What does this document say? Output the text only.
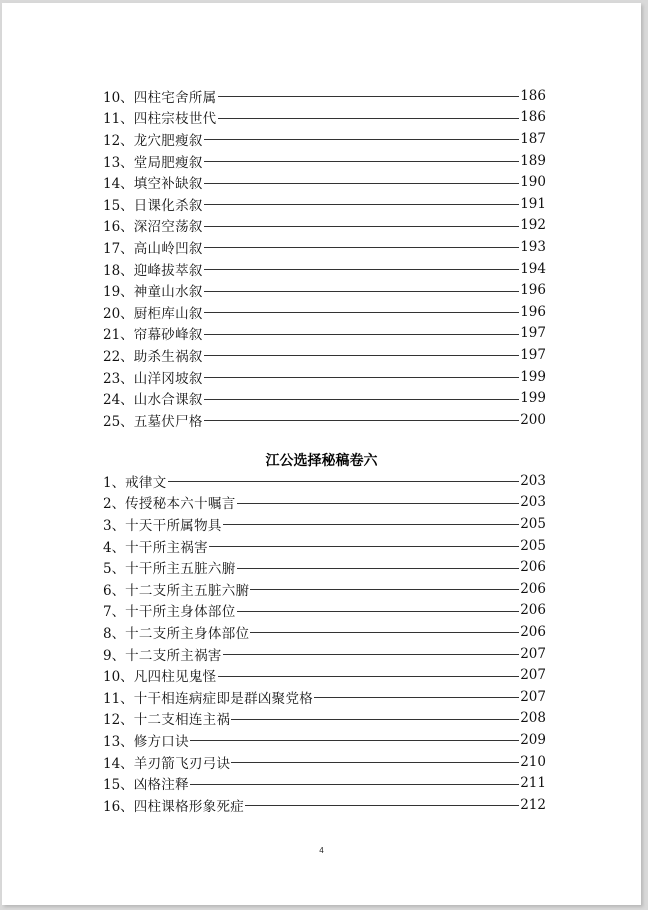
10、 四柱宅舍所属	186
11、 四柱宗枝世代	186
12、 龙穴肥瘦叙	187
13、 堂局肥瘦叙	189
14、 填空补缺叙	190
15、 日课化杀叙	191
16、 深沼空荡叙	192
17、 高山岭凹叙	193
18、 迎峰拔萃叙	194
19、 神童山水叙	196
20、 厨柜库山叙	196
21、 帘幕砂峰叙	197
22、 助杀生祸叙	197
23、 山洋冈坡叙	199
24、 山水合课叙	199
25、 五墓伏尸格	200
江公选择秘稿卷六
1、 戒律文	203
2、 传授秘本六十嘱言	203
3、 十天干所属物具	205
4、 十干所主祸害	205
5、 十干所主五脏六腑	206
6、 十二支所主五脏六腑	206
7、 十干所主身体部位	206
8、 十二支所主身体部位	206
9、 十二支所主祸害	207
10、 凡四柱见鬼怪	207
11、 十干相连病症即是群凶聚党格	207
12、 十二支相连主祸	208
13、 修方口诀	209
14、 羊刃箭飞刃弓诀	210
15、 凶格注释	211
16、 四柱课格形象死症	212
4
